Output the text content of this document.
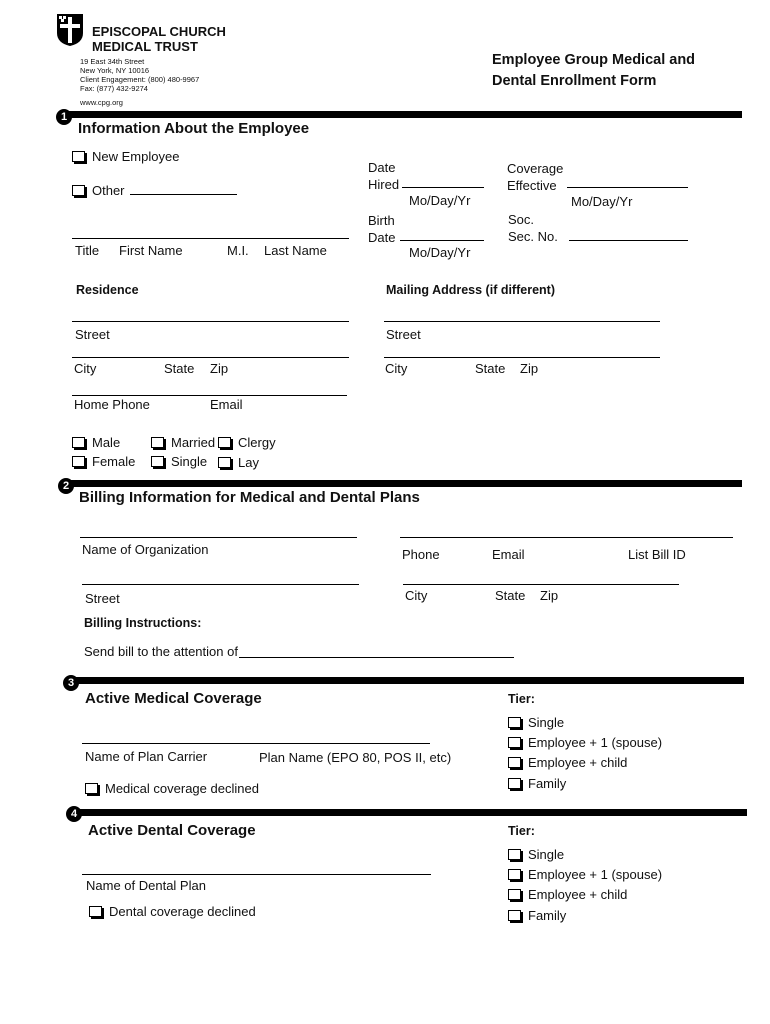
EPISCOPAL CHURCH
MEDICAL TRUST
19 East 34th Street
New York, NY 10016
Client Engagement: (800) 480-9967
Fax: (877) 432-9274
www.cpg.org
Employee Group Medical and
Dental Enrollment Form
1
Information About the Employee
New Employee
Other
Date
Hired
Mo/Day/Yr
Coverage
Effective
Mo/Day/Yr
Birth
Date
Mo/Day/Yr
Soc.
Sec. No.
Title First Name	M.I. Last Name
Residence	Mailing Address (if different)
Street	Street
City	State Zip	City	State Zip
Home Phone	Email
Male
Female
Married
Single
Clergy
Lay
2
Billing Information for Medical and Dental Plans
Name of Organization	Phone	Email	List Bill ID
Street	City	State Zip
Billing Instructions:
Send bill to the attention of
3
Active Medical Coverage	Tier:
Name of Plan Carrier	Plan Name (EPO 80, POS II, etc)
Medical coverage declined
Single
Employee + 1 (spouse)
Employee + child
Family
4
Active Dental Coverage	Tier:
Name of Dental Plan
Dental coverage declined
Single
Employee + 1 (spouse)
Employee + child
Family
